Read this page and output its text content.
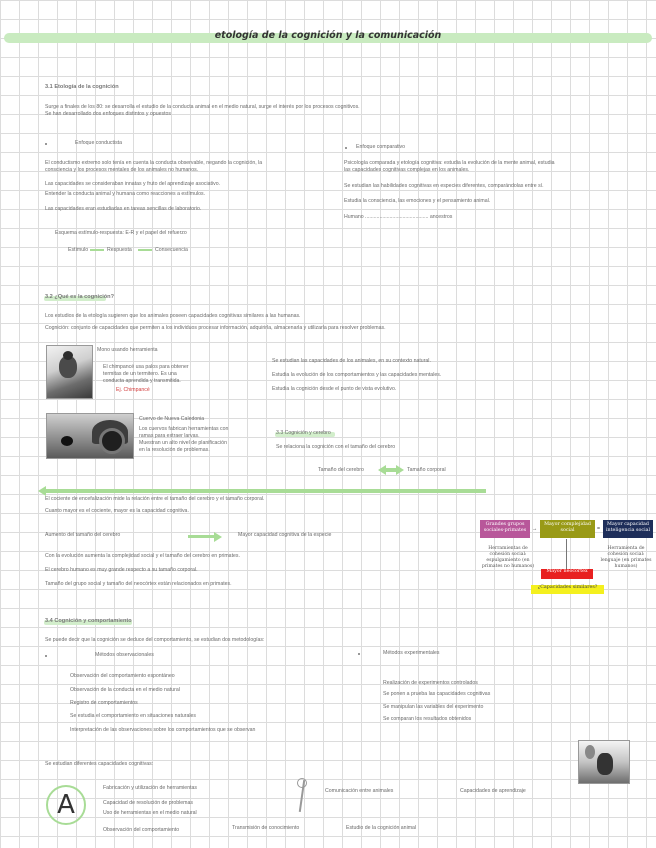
etología de la cognición y la comunicación
3.1 Etología de la cognición
Surge a finales de los 80: se desarrolla el estudio de la conducta animal en el medio natural, surge el interés por los procesos cognitivos.
Se han desarrollado dos enfoques distintos y opuestos
Enfoque conductista
El conductismo extremo solo tenía en cuenta la conducta observable, negando la cognición, la
consciencia y los procesos mentales de los animales no humanos.
Las capacidades se consideraban innatas y fruto del aprendizaje asociativo.
Entender la conducta animal y humana como reacciones a estímulos.
Las capacidades eran estudiadas en tareas sencillas de laboratorio.
Esquema estímulo-respuesta: E-R y el papel del refuerzo
Estímulo	Respuesta	Consecuencia
Enfoque comparativo
Psicología comparada y etología cognitiva: estudia la evolución de la mente animal, estudia
las capacidades cognitivas complejas en los animales.
Se estudian las habilidades cognitivas en especies diferentes, comparándolas entre sí.
Estudia la consciencia, las emociones y el pensamiento animal.
Humano ............................................ ancestros
3.2 ¿Qué es la cognición?
Los estudios de la etología sugieren que los animales poseen capacidades cognitivas similares a las humanas.
Cognición: conjunto de capacidades que permiten a los individuos procesar información, adquirirla, almacenarla y utilizarla para resolver problemas.
Mono usando herramienta
El chimpancé usa palos para obtener
termitas de un termitero. Es una
conducta aprendida y transmitida.
Ej. Chimpancé
Se estudian las capacidades de los animales, en su contexto natural.
Estudia la evolución de los comportamientos y las capacidades mentales.
Estudia la cognición desde el punto de vista evolutivo.
Cuervo de Nueva Caledonia
Los cuervos fabrican herramientas con
ramas para extraer larvas.
Muestran un alto nivel de planificación
en la resolución de problemas.
3.3 Cognición y cerebro
Se relaciona la cognición con el tamaño del cerebro
Tamaño del cerebro	Tamaño corporal
El cociente de encefalización mide la relación entre el tamaño del cerebro y el tamaño corporal.
Cuanto mayor es el cociente, mayor es la capacidad cognitiva.
Aumento del tamaño del cerebro	Mayor capacidad cognitiva de la especie
Con la evolución aumenta la complejidad social y el tamaño del cerebro en primates.
El cerebro humano es muy grande respecto a su tamaño corporal.
Tamaño del grupo social y tamaño del neocórtex están relacionados en primates.
Grandes grupos sociales-primates	→
Mayor complejidad social	=
Mayor capacidad inteligencia social
Mayor neocórtex
¿Capacidades similares?
Herramientas de cohesión social: espulgamiento (en primates no humanos)
Herramienta de cohesión social: lenguaje (en primates humanos)
3.4 Cognición y comportamiento
Se puede decir que la cognición se deduce del comportamiento, se estudian dos metodologías:
Métodos observacionales
Observación del comportamiento espontáneo
Observación de la conducta en el medio natural
Registro de comportamientos
Se estudia el comportamiento en situaciones naturales
Interpretación de las observaciones sobre los comportamientos que se observan
Métodos experimentales
Realización de experimentos controlados
Se ponen a prueba las capacidades cognitivas
Se manipulan las variables del experimento
Se comparan los resultados obtenidos
Se estudian diferentes capacidades cognitivas:
A
Fabricación y utilización de herramientas
Capacidad de resolución de problemas
Uso de herramientas en el medio natural
Observación del comportamiento
Comunicación entre animales	Capacidades de aprendizaje
Transmisión de conocimiento	Estudio de la cognición animal
